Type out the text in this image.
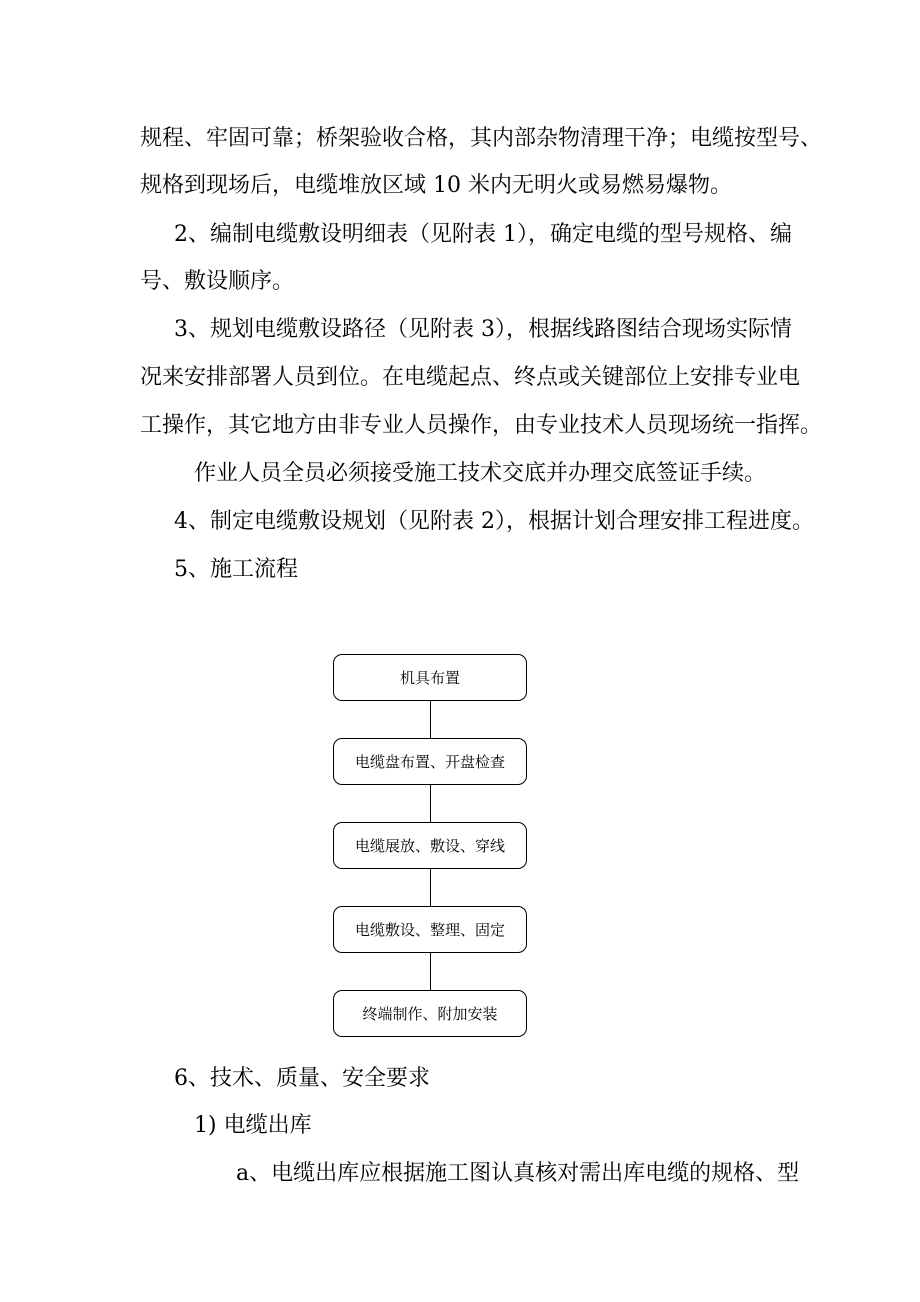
规程、牢固可靠；桥架验收合格，其内部杂物清理干净；电缆按型号、

规格到现场后，电缆堆放区域 10 米内无明火或易燃易爆物。

2、编制电缆敷设明细表（见附表 1），确定电缆的型号规格、编

号、敷设顺序。

3、规划电缆敷设路径（见附表 3），根据线路图结合现场实际情

况来安排部署人员到位。在电缆起点、终点或关键部位上安排专业电

工操作，其它地方由非专业人员操作，由专业技术人员现场统一指挥。

作业人员全员必须接受施工技术交底并办理交底签证手续。

4、制定电缆敷设规划（见附表 2），根据计划合理安排工程进度。

5、施工流程

机具布置
电缆盘布置、开盘检查
电缆展放、敷设、穿线
电缆敷设、整理、固定
终端制作、附加安装

6、技术、质量、安全要求

1) 电缆出库

a、电缆出库应根据施工图认真核对需出库电缆的规格、型
